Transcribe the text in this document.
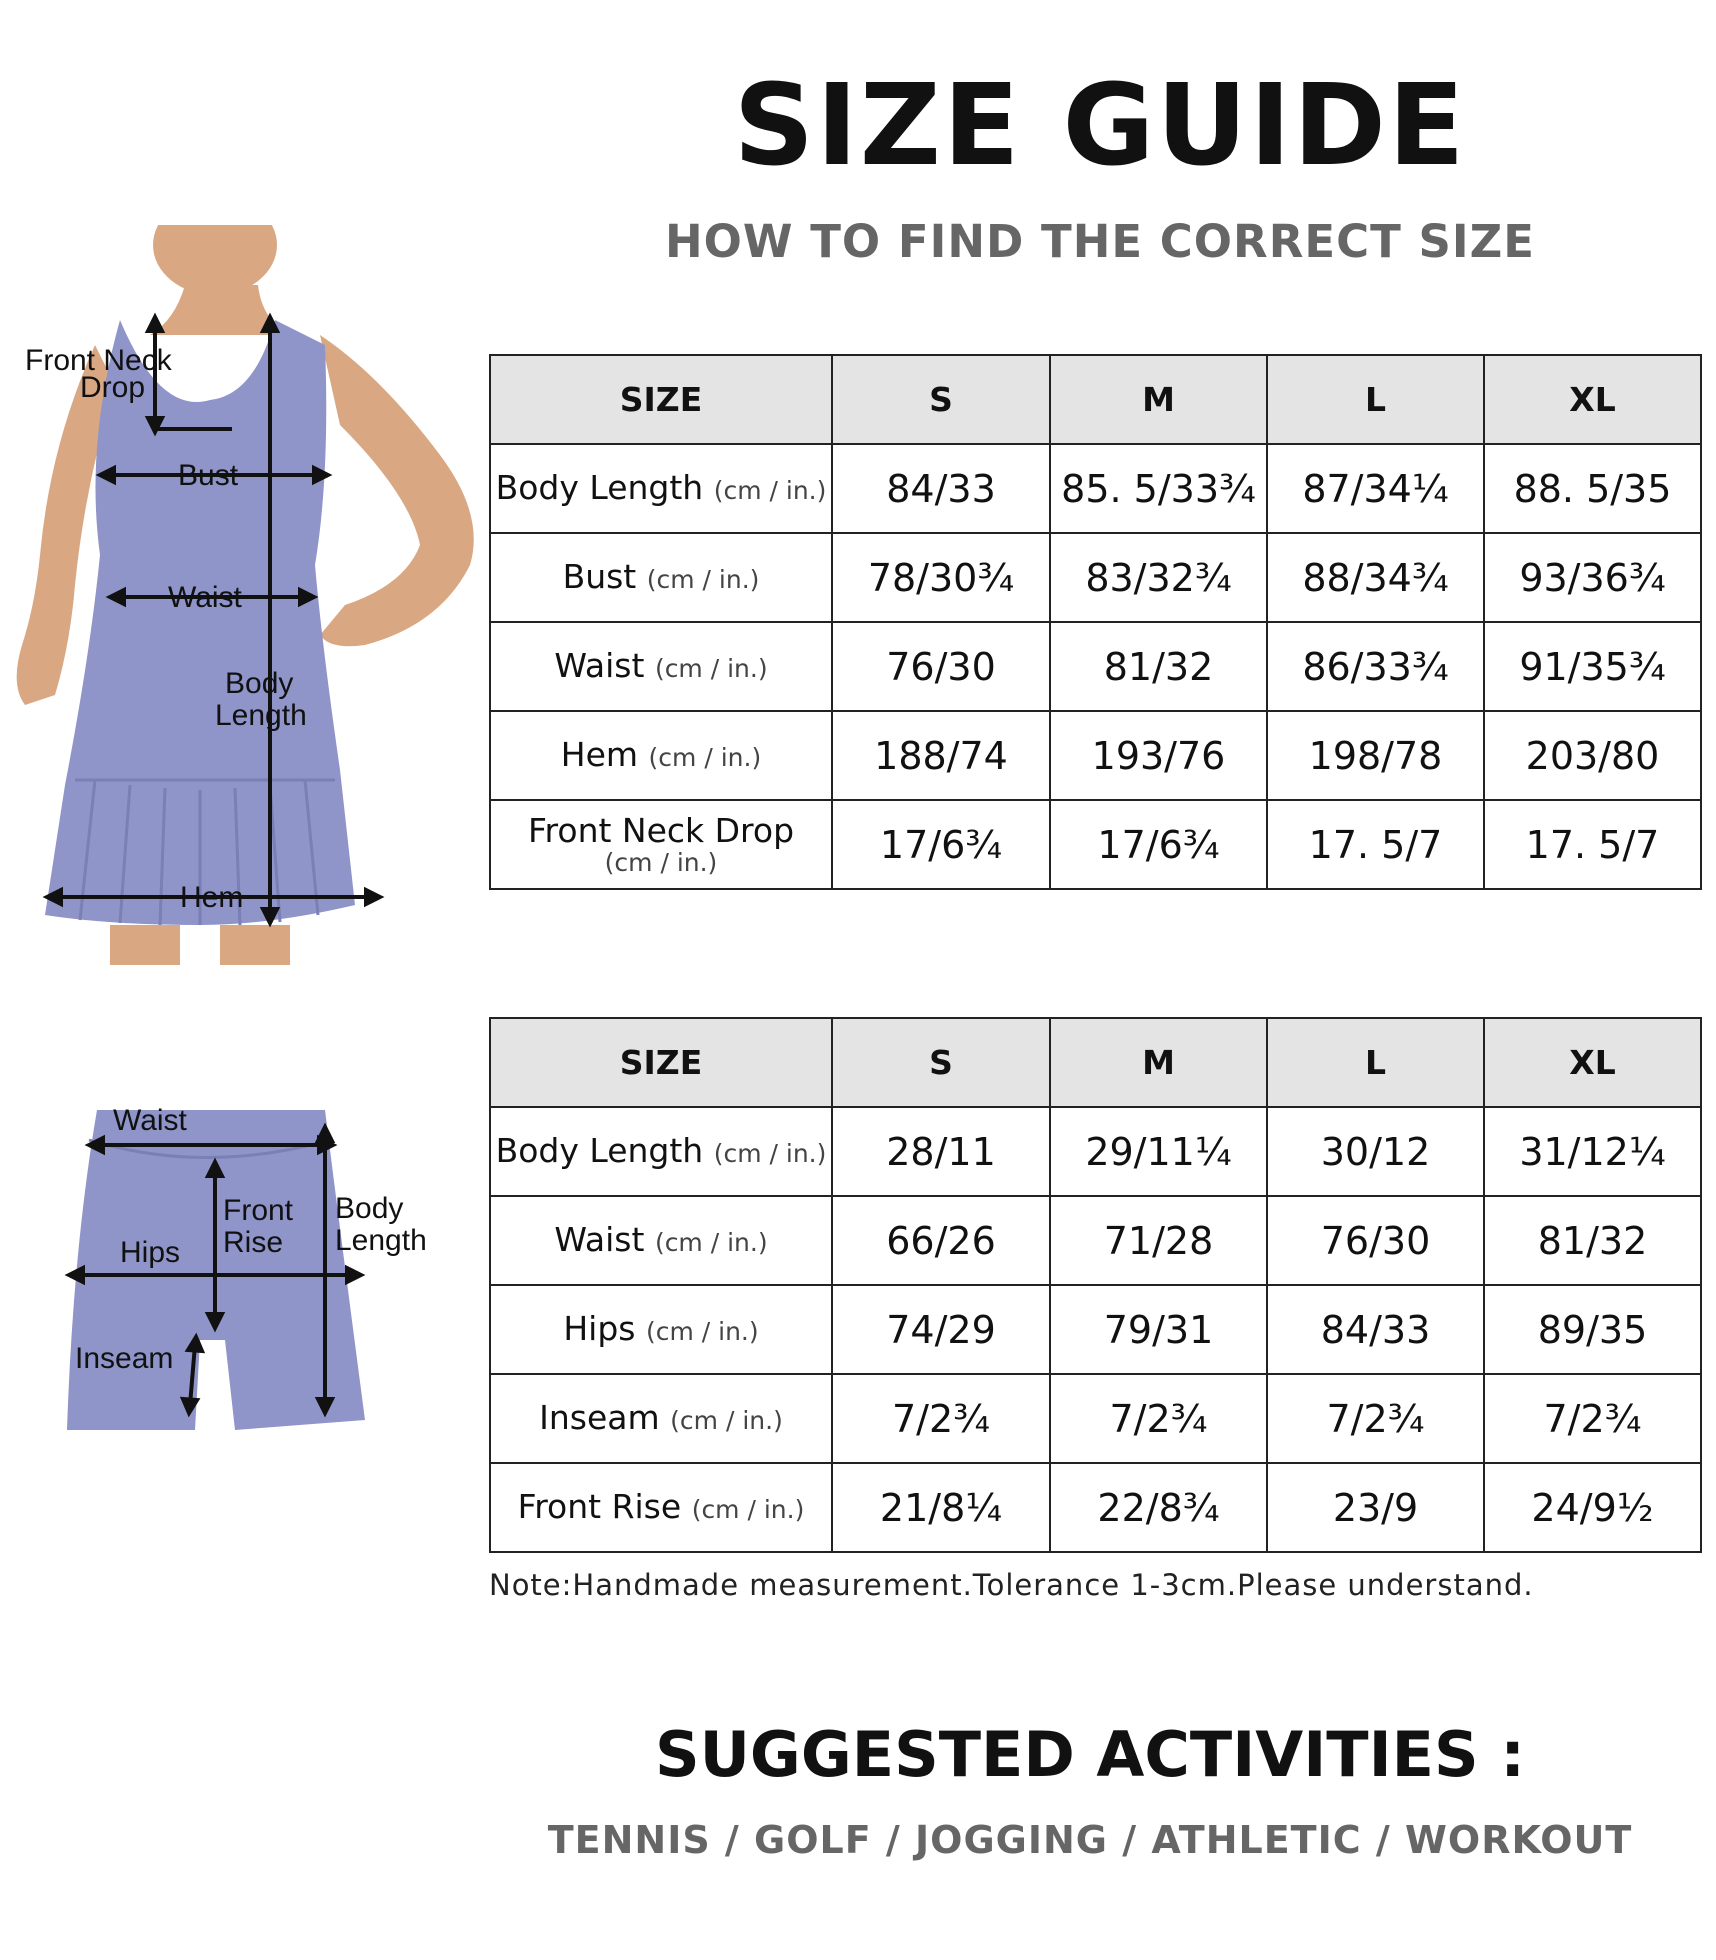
SIZE GUIDE
HOW TO FIND THE CORRECT SIZE
Front Neck
Drop
Bust
Waist
Body
Length
Hem
Waist
Front
Rise
Hips
Body
Length
Inseam
SIZE	S	M	L	XL
Body Length (cm / in.)	84/33	85. 5/33¾	87/34¼	88. 5/35
Bust (cm / in.)	78/30¾	83/32¾	88/34¾	93/36¾
Waist (cm / in.)	76/30	81/32	86/33¾	91/35¾
Hem (cm / in.)	188/74	193/76	198/78	203/80
Front Neck Drop
(cm / in.)	17/6¾	17/6¾	17. 5/7	17. 5/7
SIZE	S	M	L	XL
Body Length (cm / in.)	28/11	29/11¼	30/12	31/12¼
Waist (cm / in.)	66/26	71/28	76/30	81/32
Hips (cm / in.)	74/29	79/31	84/33	89/35
Inseam (cm / in.)	7/2¾	7/2¾	7/2¾	7/2¾
Front Rise (cm / in.)	21/8¼	22/8¾	23/9	24/9½
Note:Handmade measurement.Tolerance 1-3cm.Please understand.
SUGGESTED ACTIVITIES :
TENNIS / GOLF / JOGGING / ATHLETIC / WORKOUT
